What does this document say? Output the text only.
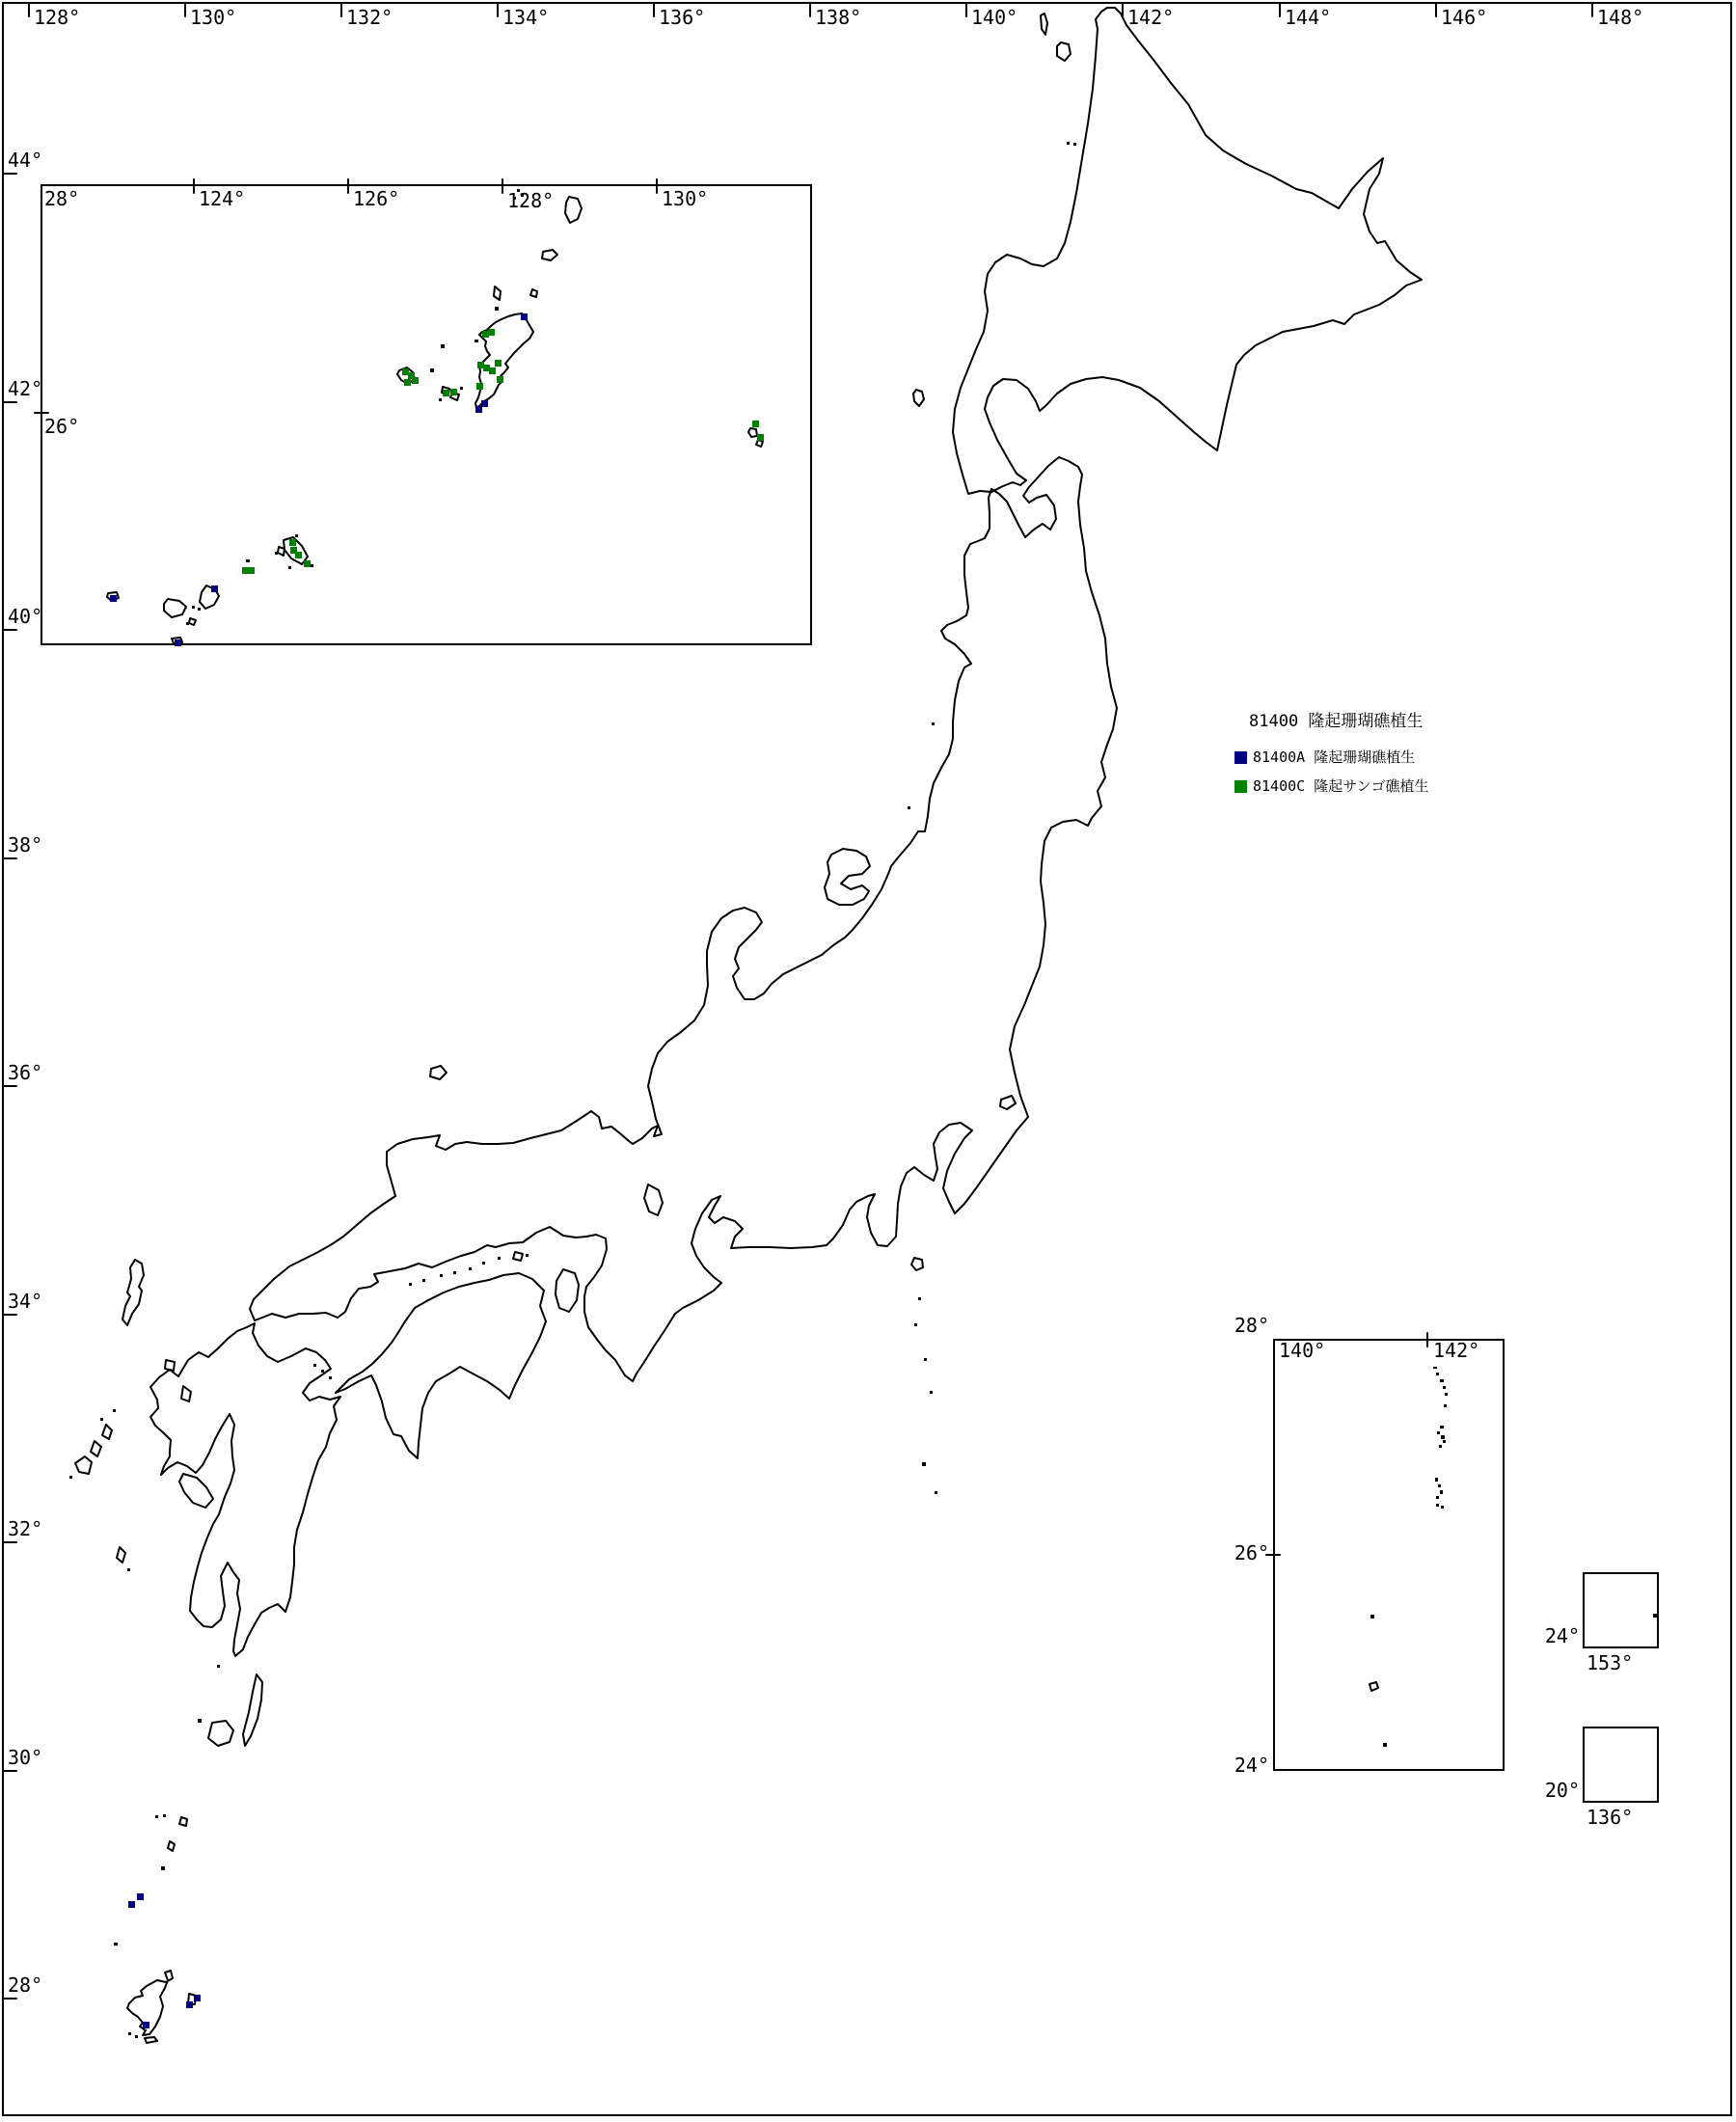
128°	130°	132°	134°	136°	138°	140°	142°	144°	146°	148°
44°
42°
40°
38°
36°
34°
32°
30°
28°
28°	124°	126°	128°	130°
26°
28°
140°	142°
26°
24°
24°
153°
20°
136°
81400 隆起珊瑚礁植生
81400A 隆起珊瑚礁植生
81400C 隆起サンゴ礁植生
